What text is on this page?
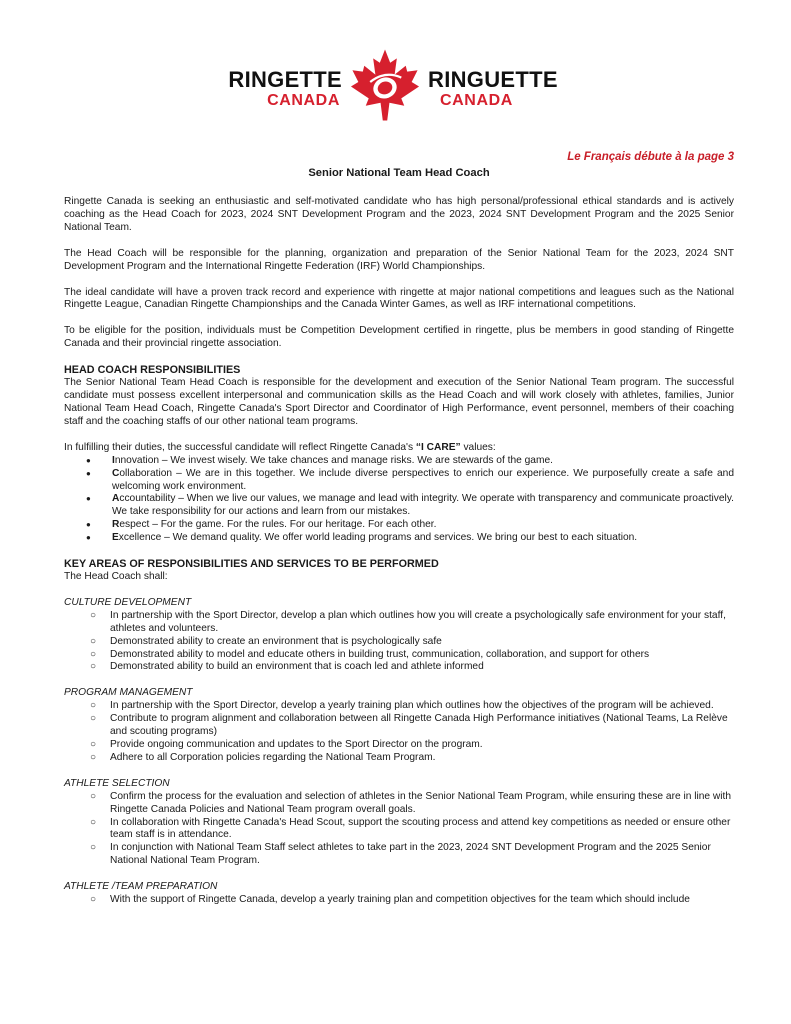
RINGETTE
CANADA
RINGUETTE
CANADA

Le Français débute à la page 3

Senior National Team Head Coach

Ringette Canada is seeking an enthusiastic and self-motivated candidate who has high personal/professional ethical standards and is actively coaching as the Head Coach for 2023, 2024 SNT Development Program and the 2023, 2024 SNT Development Program and the 2025 Senior National Team.

The Head Coach will be responsible for the planning, organization and preparation of the Senior National Team for the 2023, 2024 SNT Development Program and the International Ringette Federation (IRF) World Championships.

The ideal candidate will have a proven track record and experience with ringette at major national competitions and leagues such as the National Ringette League, Canadian Ringette Championships and the Canada Winter Games, as well as IRF international competitions.

To be eligible for the position, individuals must be Competition Development certified in ringette, plus be members in good standing of Ringette Canada and their provincial ringette association.

HEAD COACH RESPONSIBILITIES

The Senior National Team Head Coach is responsible for the development and execution of the Senior National Team program. The successful candidate must possess excellent interpersonal and communication skills as the Head Coach and will work closely with athletes, families, Junior National Team Head Coach, Ringette Canada's Sport Director and Coordinator of High Performance, event personnel, members of their coaching staff and the coaching staffs of our other national team programs.

In fulfilling their duties, the successful candidate will reflect Ringette Canada's “I CARE” values:

● Innovation – We invest wisely. We take chances and manage risks. We are stewards of the game.
● Collaboration – We are in this together. We include diverse perspectives to enrich our experience. We purposefully create a safe and welcoming work environment.
● Accountability – When we live our values, we manage and lead with integrity. We operate with transparency and communicate proactively. We take responsibility for our actions and learn from our mistakes.
● Respect – For the game. For the rules. For our heritage. For each other.
● Excellence – We demand quality. We offer world leading programs and services. We bring our best to each situation.
KEY AREAS OF RESPONSIBILITIES AND SERVICES TO BE PERFORMED

The Head Coach shall:

CULTURE DEVELOPMENT

○ In partnership with the Sport Director, develop a plan which outlines how you will create a psychologically safe environment for your staff, athletes and volunteers.
○ Demonstrated ability to create an environment that is psychologically safe
○ Demonstrated ability to model and educate others in building trust, communication, collaboration, and support for others
○ Demonstrated ability to build an environment that is coach led and athlete informed

PROGRAM MANAGEMENT

○ In partnership with the Sport Director, develop a yearly training plan which outlines how the objectives of the program will be achieved.
○ Contribute to program alignment and collaboration between all Ringette Canada High Performance initiatives (National Teams, La Relève and scouting programs)
○ Provide ongoing communication and updates to the Sport Director on the program.
○ Adhere to all Corporation policies regarding the National Team Program.

ATHLETE SELECTION

○ Confirm the process for the evaluation and selection of athletes in the Senior National Team Program, while ensuring these are in line with Ringette Canada Policies and National Team program overall goals.
○ In collaboration with Ringette Canada's Head Scout, support the scouting process and attend key competitions as needed or ensure other team staff is in attendance.
○ In conjunction with National Team Staff select athletes to take part in the 2023, 2024 SNT Development Program and the 2025 Senior National National Team Program.

ATHLETE /TEAM PREPARATION

○ With the support of Ringette Canada, develop a yearly training plan and competition objectives for the team which should include
